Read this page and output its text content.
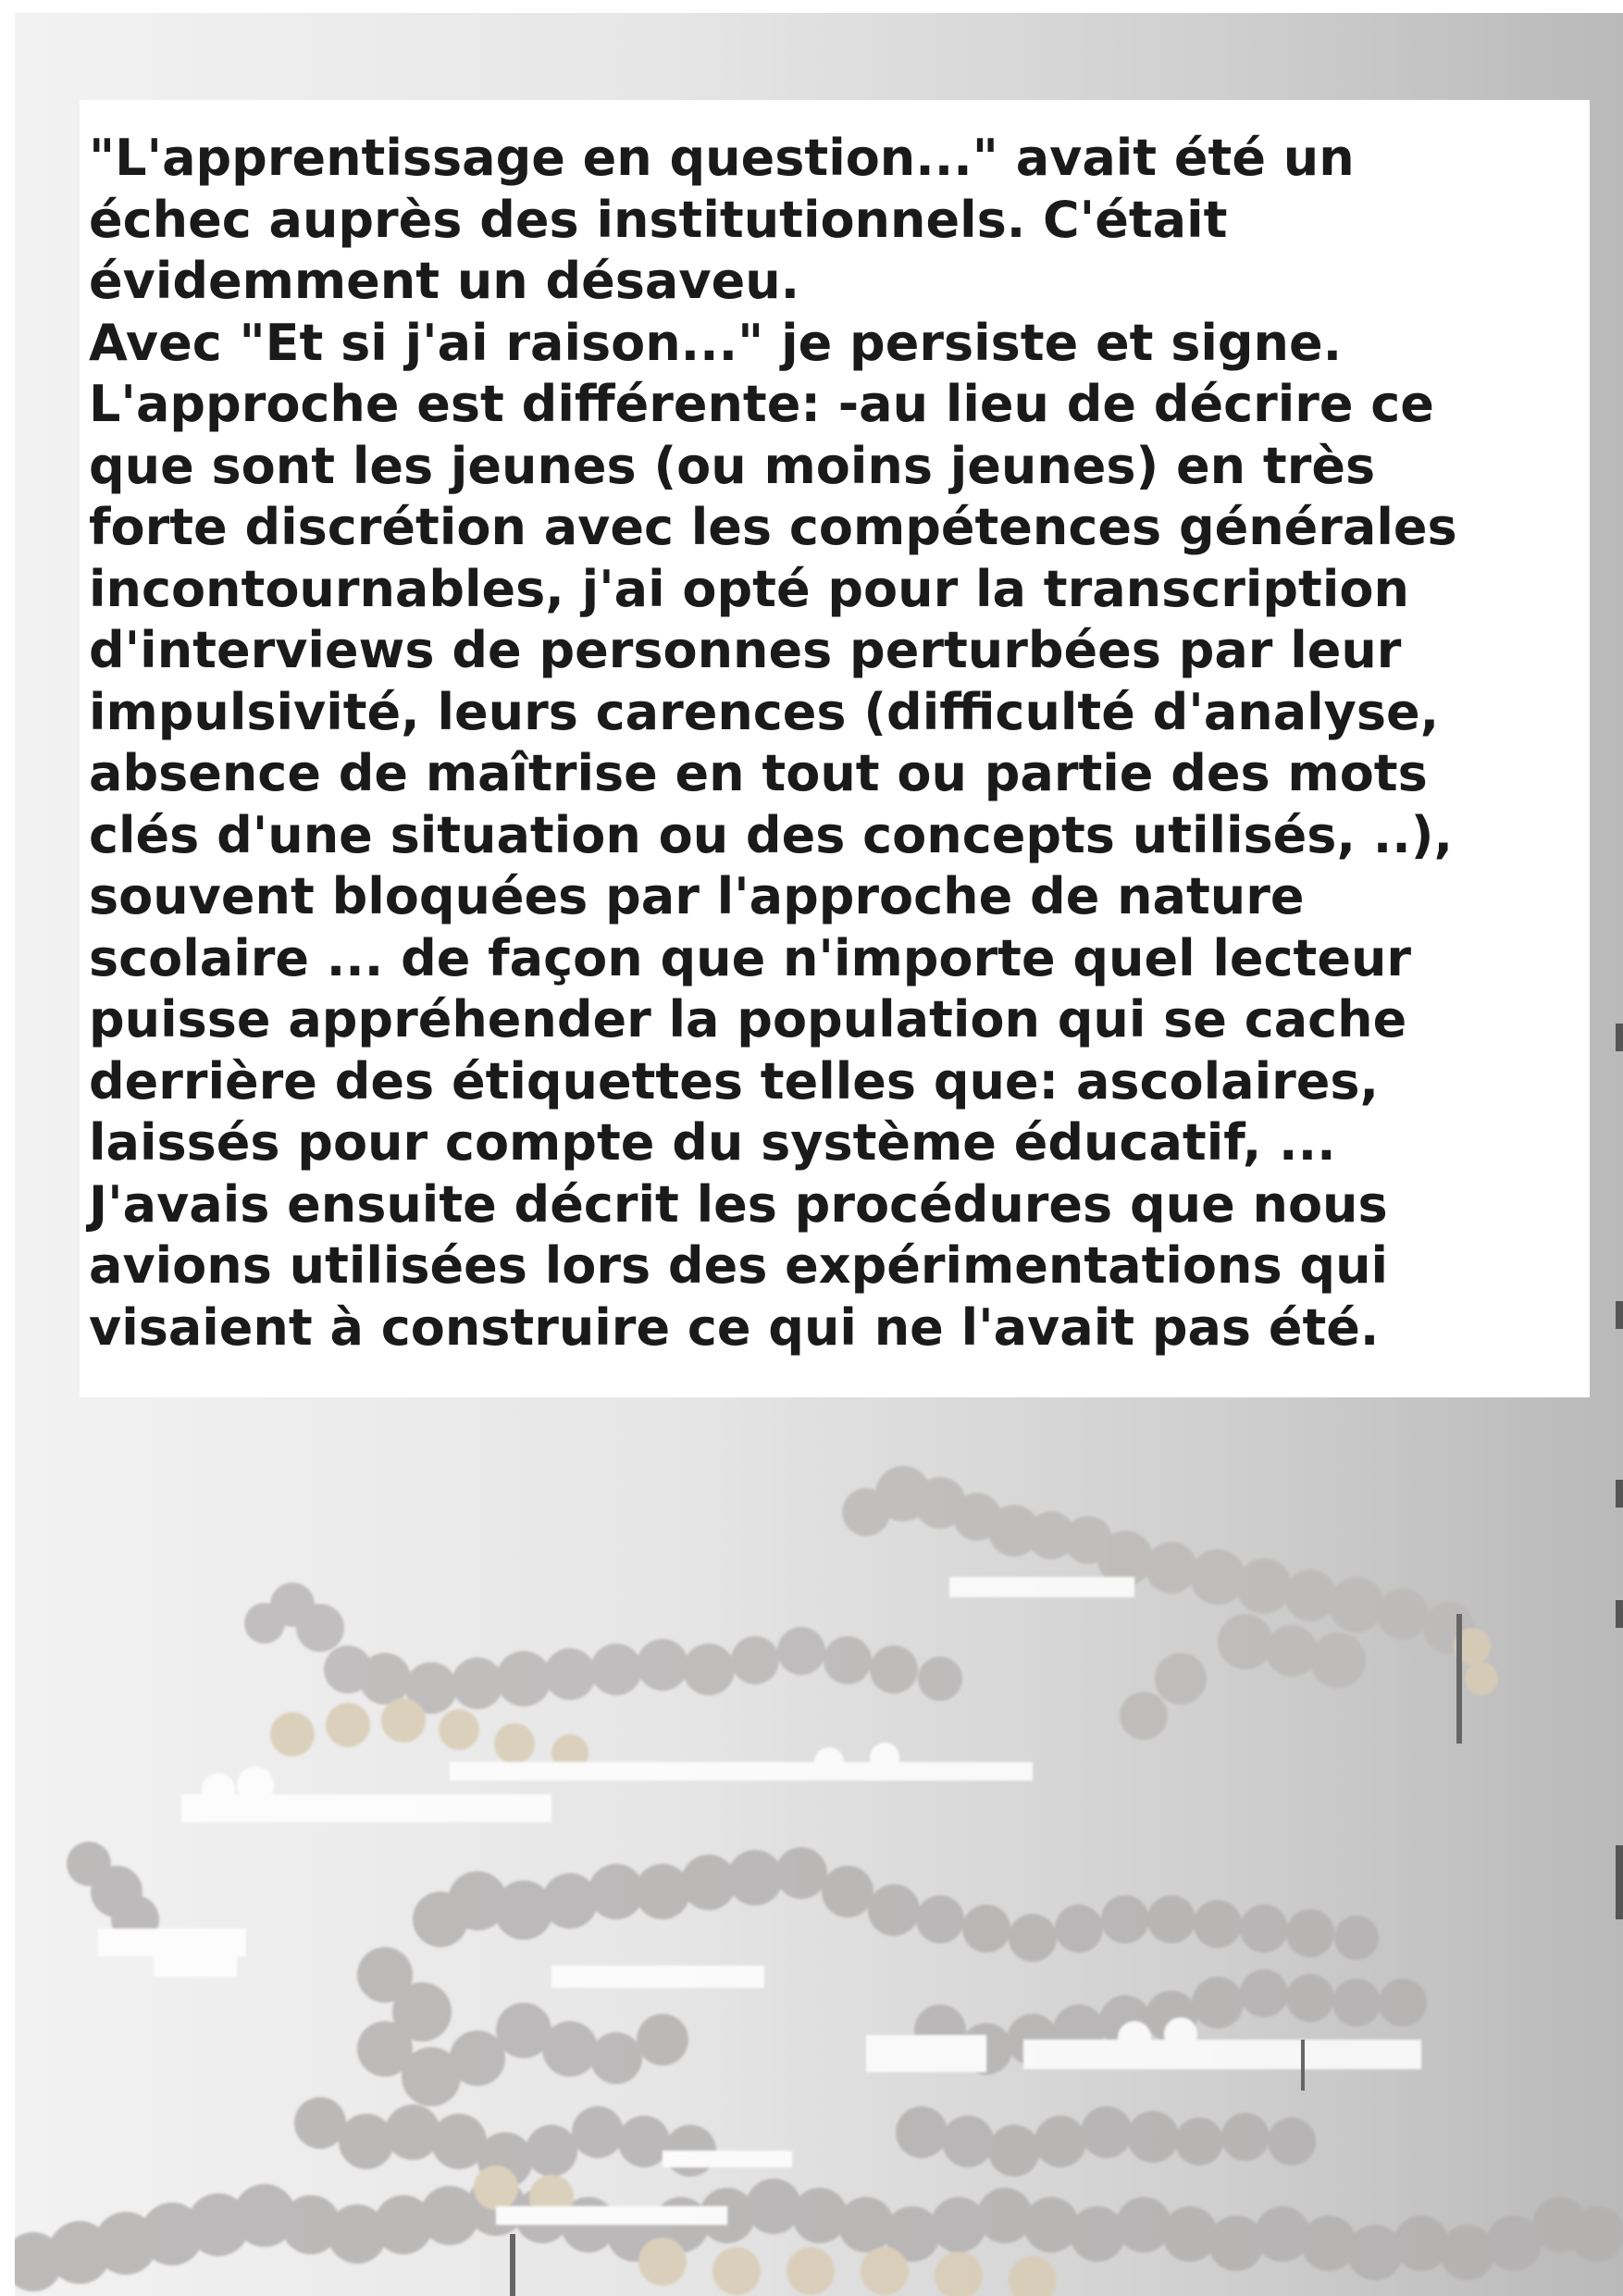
"L'apprentissage en question..." avait été un
échec auprès des institutionnels. C'était
évidemment un désaveu.

Avec "Et si j'ai raison..." je persiste et signe.
L'approche est différente: -au lieu de décrire ce
que sont les jeunes (ou moins jeunes) en très
forte discrétion avec les compétences générales
incontournables, j'ai opté pour la transcription
d'interviews de personnes perturbées par leur
impulsivité, leurs carences (difficulté d'analyse,
absence de maîtrise en tout ou partie des mots
clés d'une situation ou des concepts utilisés, ..),
souvent bloquées par l'approche de nature
scolaire ... de façon que n'importe quel lecteur
puisse appréhender la population qui se cache
derrière des étiquettes telles que: ascolaires,
laissés pour compte du système éducatif, ...

J'avais ensuite décrit les procédures que nous
avions utilisées lors des expérimentations qui
visaient à construire ce qui ne l'avait pas été.
